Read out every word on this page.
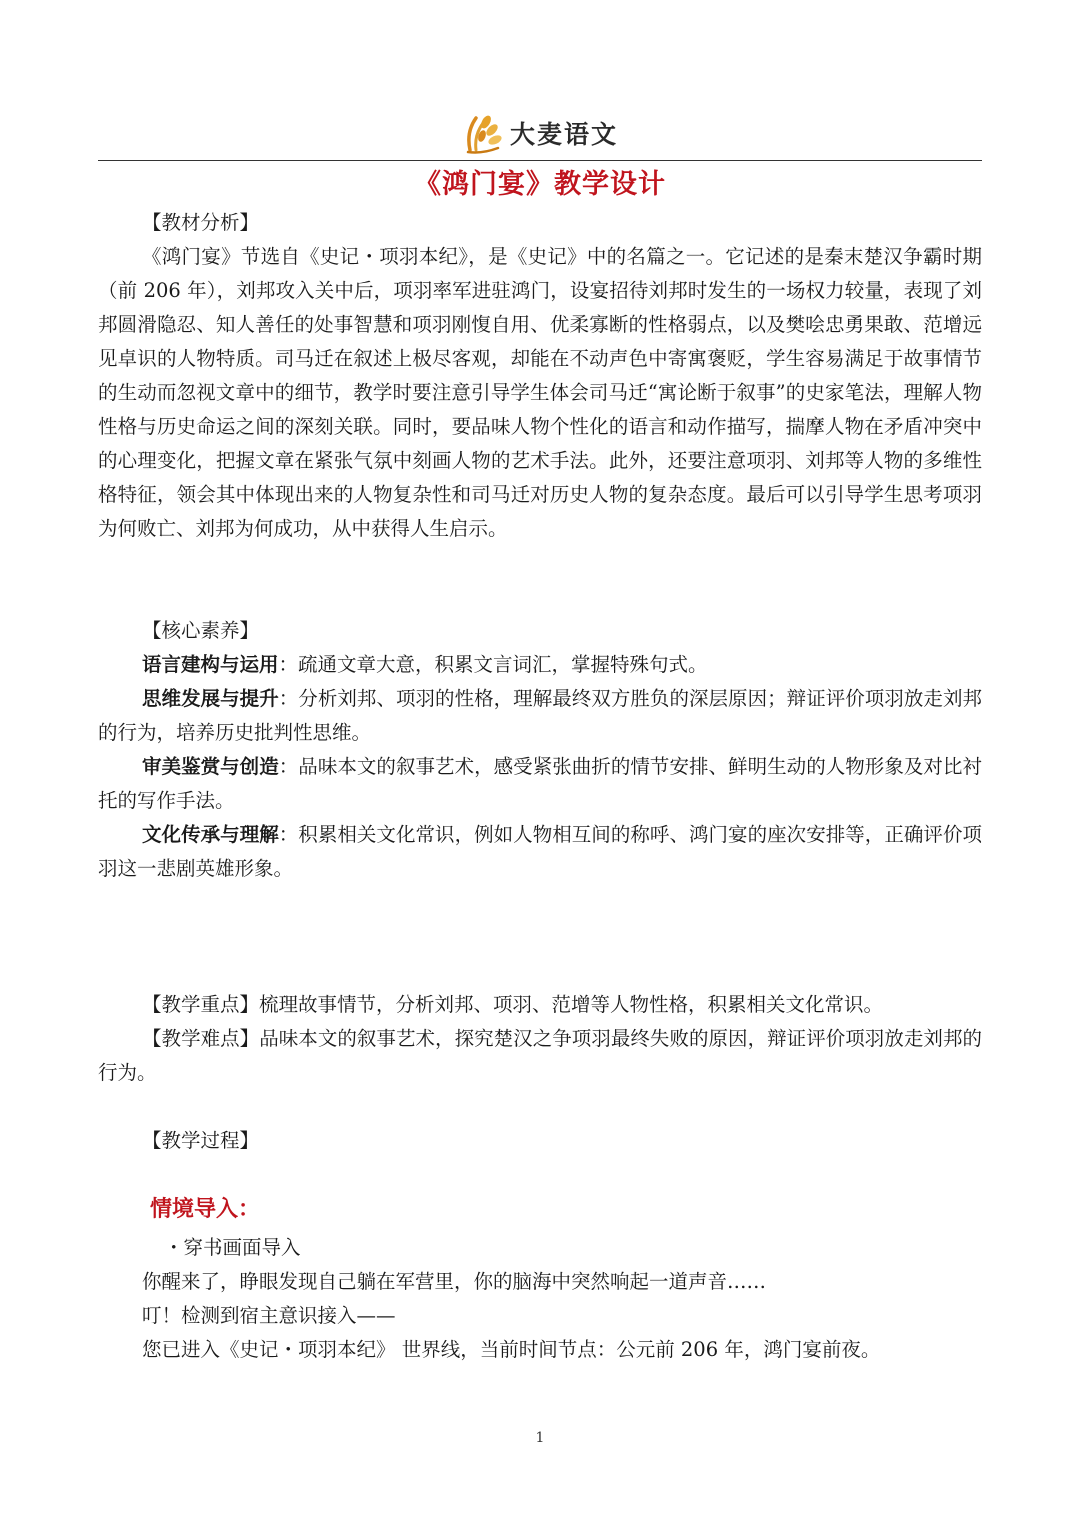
大麦语文
《鸿门宴》教学设计
【教材分析】
《鸿门宴》节选自《史记・项羽本纪》，是《史记》中的名篇之一。它记述的是秦末楚汉争霸时期（前 206 年），刘邦攻入关中后，项羽率军进驻鸿门，设宴招待刘邦时发生的一场权力较量，表现了刘邦圆滑隐忍、知人善任的处事智慧和项羽刚愎自用、优柔寡断的性格弱点，以及樊哙忠勇果敢、范增远见卓识的人物特质。司马迁在叙述上极尽客观，却能在不动声色中寄寓褒贬，学生容易满足于故事情节的生动而忽视文章中的细节，教学时要注意引导学生体会司马迁“寓论断于叙事”的史家笔法，理解人物性格与历史命运之间的深刻关联。同时，要品味人物个性化的语言和动作描写，揣摩人物在矛盾冲突中的心理变化，把握文章在紧张气氛中刻画人物的艺术手法。此外，还要注意项羽、刘邦等人物的多维性格特征，领会其中体现出来的人物复杂性和司马迁对历史人物的复杂态度。最后可以引导学生思考项羽为何败亡、刘邦为何成功，从中获得人生启示。
【核心素养】
语言建构与运用：疏通文章大意，积累文言词汇，掌握特殊句式。
思维发展与提升：分析刘邦、项羽的性格，理解最终双方胜负的深层原因；辩证评价项羽放走刘邦的行为，培养历史批判性思维。
审美鉴赏与创造：品味本文的叙事艺术，感受紧张曲折的情节安排、鲜明生动的人物形象及对比衬托的写作手法。
文化传承与理解：积累相关文化常识，例如人物相互间的称呼、鸿门宴的座次安排等，正确评价项羽这一悲剧英雄形象。
【教学重点】梳理故事情节，分析刘邦、项羽、范增等人物性格，积累相关文化常识。
【教学难点】品味本文的叙事艺术，探究楚汉之争项羽最终失败的原因，辩证评价项羽放走刘邦的行为。
【教学过程】
情境导入：
・穿书画面导入
你醒来了，睁眼发现自己躺在军营里，你的脑海中突然响起一道声音……
叮！检测到宿主意识接入——
您已进入《史记・项羽本纪》 世界线，当前时间节点：公元前 206 年，鸿门宴前夜。
1
